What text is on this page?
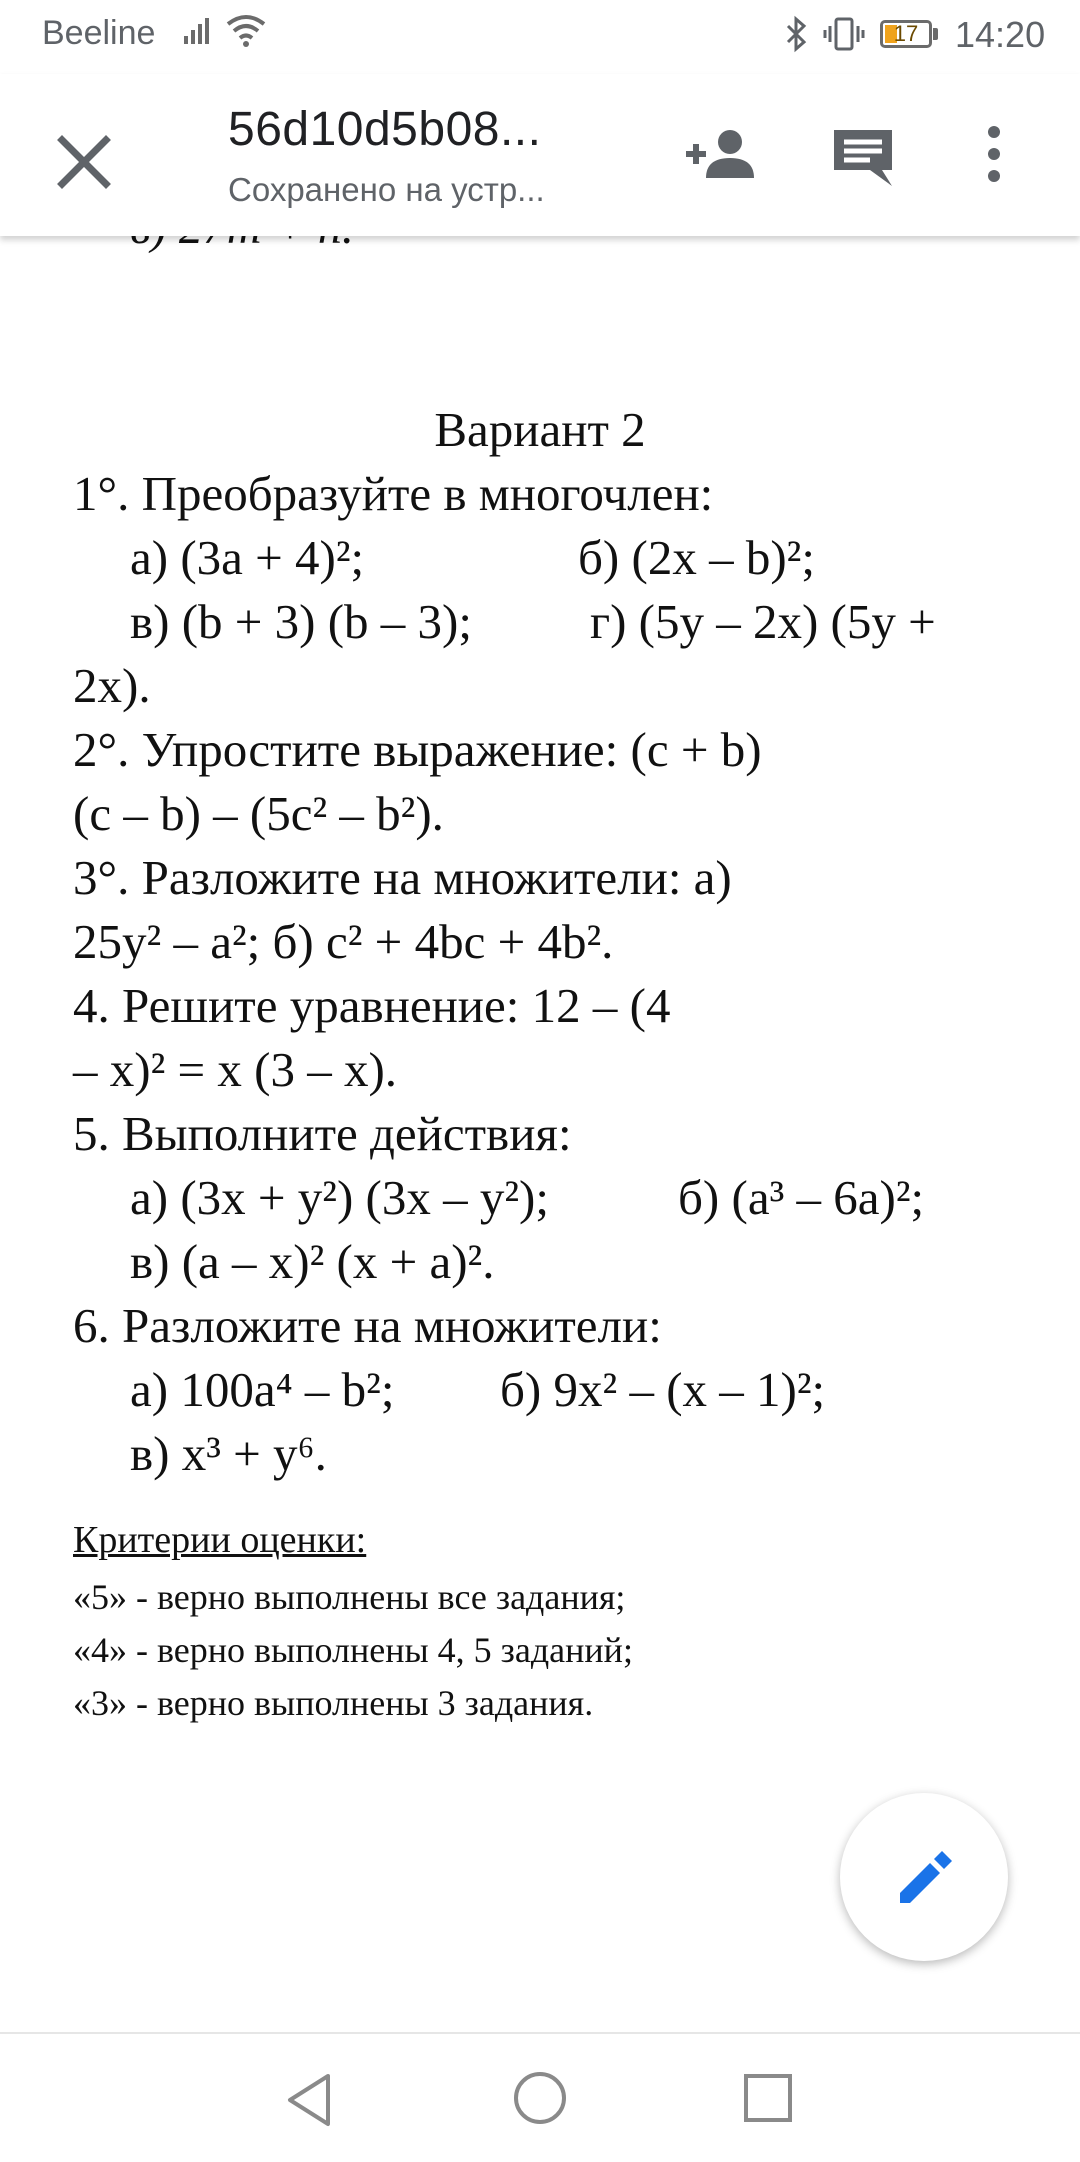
Beeline	17	14:20
56d10d5b08...
Сохранено на устр...
Вариант 2
1°. Преобразуйте в многочлен:
а) (3a + 4)²;	б) (2x – b)²;
в) (b + 3) (b – 3); г) (5y – 2x) (5y +
2x).
2°. Упростите выражение: (c + b)
(c – b) – (5c² – b²).
3°. Разложите на множители: а)
25y² – a²; б) c² + 4bc + 4b².
4. Решите уравнение: 12 – (4
– x)² = x (3 – x).
5. Выполните действия:
а) (3x + y²) (3x – y²);	б) (a³ – 6a)²;
в) (a – x)² (x + a)².
6. Разложите на множители:
а) 100a⁴ – b²; б) 9x² – (x – 1)²;
в) x³ + y⁶.
Критерии оценки:
«5» - верно выполнены все задания;
«4» - верно выполнены 4, 5 заданий;
«3» - верно выполнены 3 задания.
